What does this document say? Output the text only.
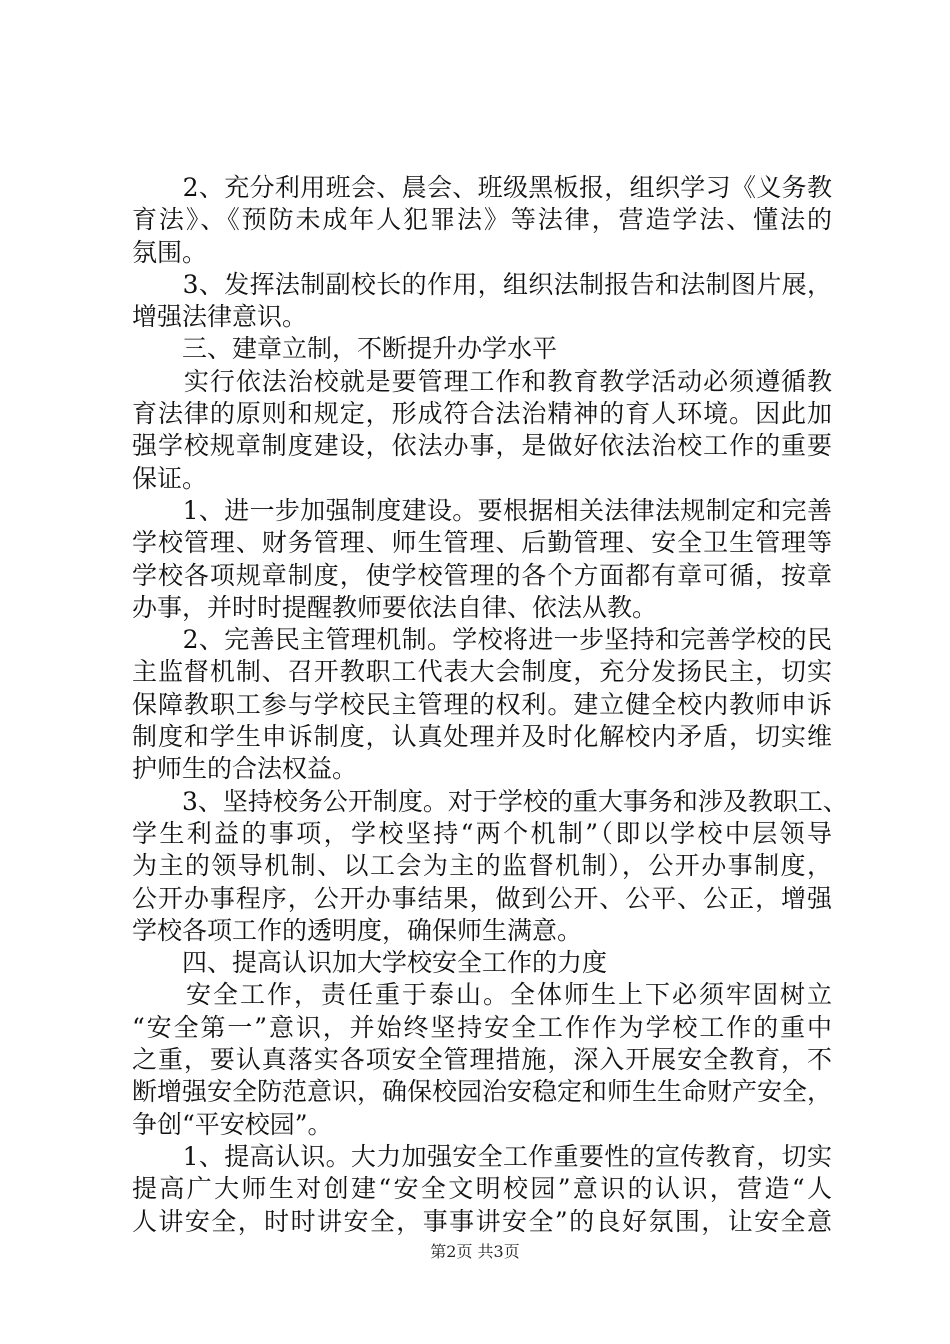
　　2、充分利用班会、晨会、班级黑板报，组织学习《义务教
育法》、《预防未成年人犯罪法》等法律，营造学法、懂法的
氛围。
　　3、发挥法制副校长的作用，组织法制报告和法制图片展，
增强法律意识。
　　三、建章立制，不断提升办学水平
　　实行依法治校就是要管理工作和教育教学活动必须遵循教
育法律的原则和规定，形成符合法治精神的育人环境。因此加
强学校规章制度建设，依法办事，是做好依法治校工作的重要
保证。
　　1、进一步加强制度建设。要根据相关法律法规制定和完善
学校管理、财务管理、师生管理、后勤管理、安全卫生管理等
学校各项规章制度，使学校管理的各个方面都有章可循，按章
办事，并时时提醒教师要依法自律、依法从教。
　　2、完善民主管理机制。学校将进一步坚持和完善学校的民
主监督机制、召开教职工代表大会制度，充分发扬民主，切实
保障教职工参与学校民主管理的权利。建立健全校内教师申诉
制度和学生申诉制度，认真处理并及时化解校内矛盾，切实维
护师生的合法权益。
　　3、坚持校务公开制度。对于学校的重大事务和涉及教职工、
学生利益的事项，学校坚持“两个机制”（即以学校中层领导
为主的领导机制、以工会为主的监督机制），公开办事制度，
公开办事程序，公开办事结果，做到公开、公平、公正，增强
学校各项工作的透明度，确保师生满意。
　　四、提高认识加大学校安全工作的力度
　　安全工作，责任重于泰山。全体师生上下必须牢固树立
“安全第一”意识，并始终坚持安全工作作为学校工作的重中
之重，要认真落实各项安全管理措施，深入开展安全教育，不
断增强安全防范意识，确保校园治安稳定和师生生命财产安全，
争创“平安校园”。
　　1、提高认识。大力加强安全工作重要性的宣传教育，切实
提高广大师生对创建“安全文明校园”意识的认识，营造“人
人讲安全，时时讲安全，事事讲安全”的良好氛围，让安全意
第2页 共3页
